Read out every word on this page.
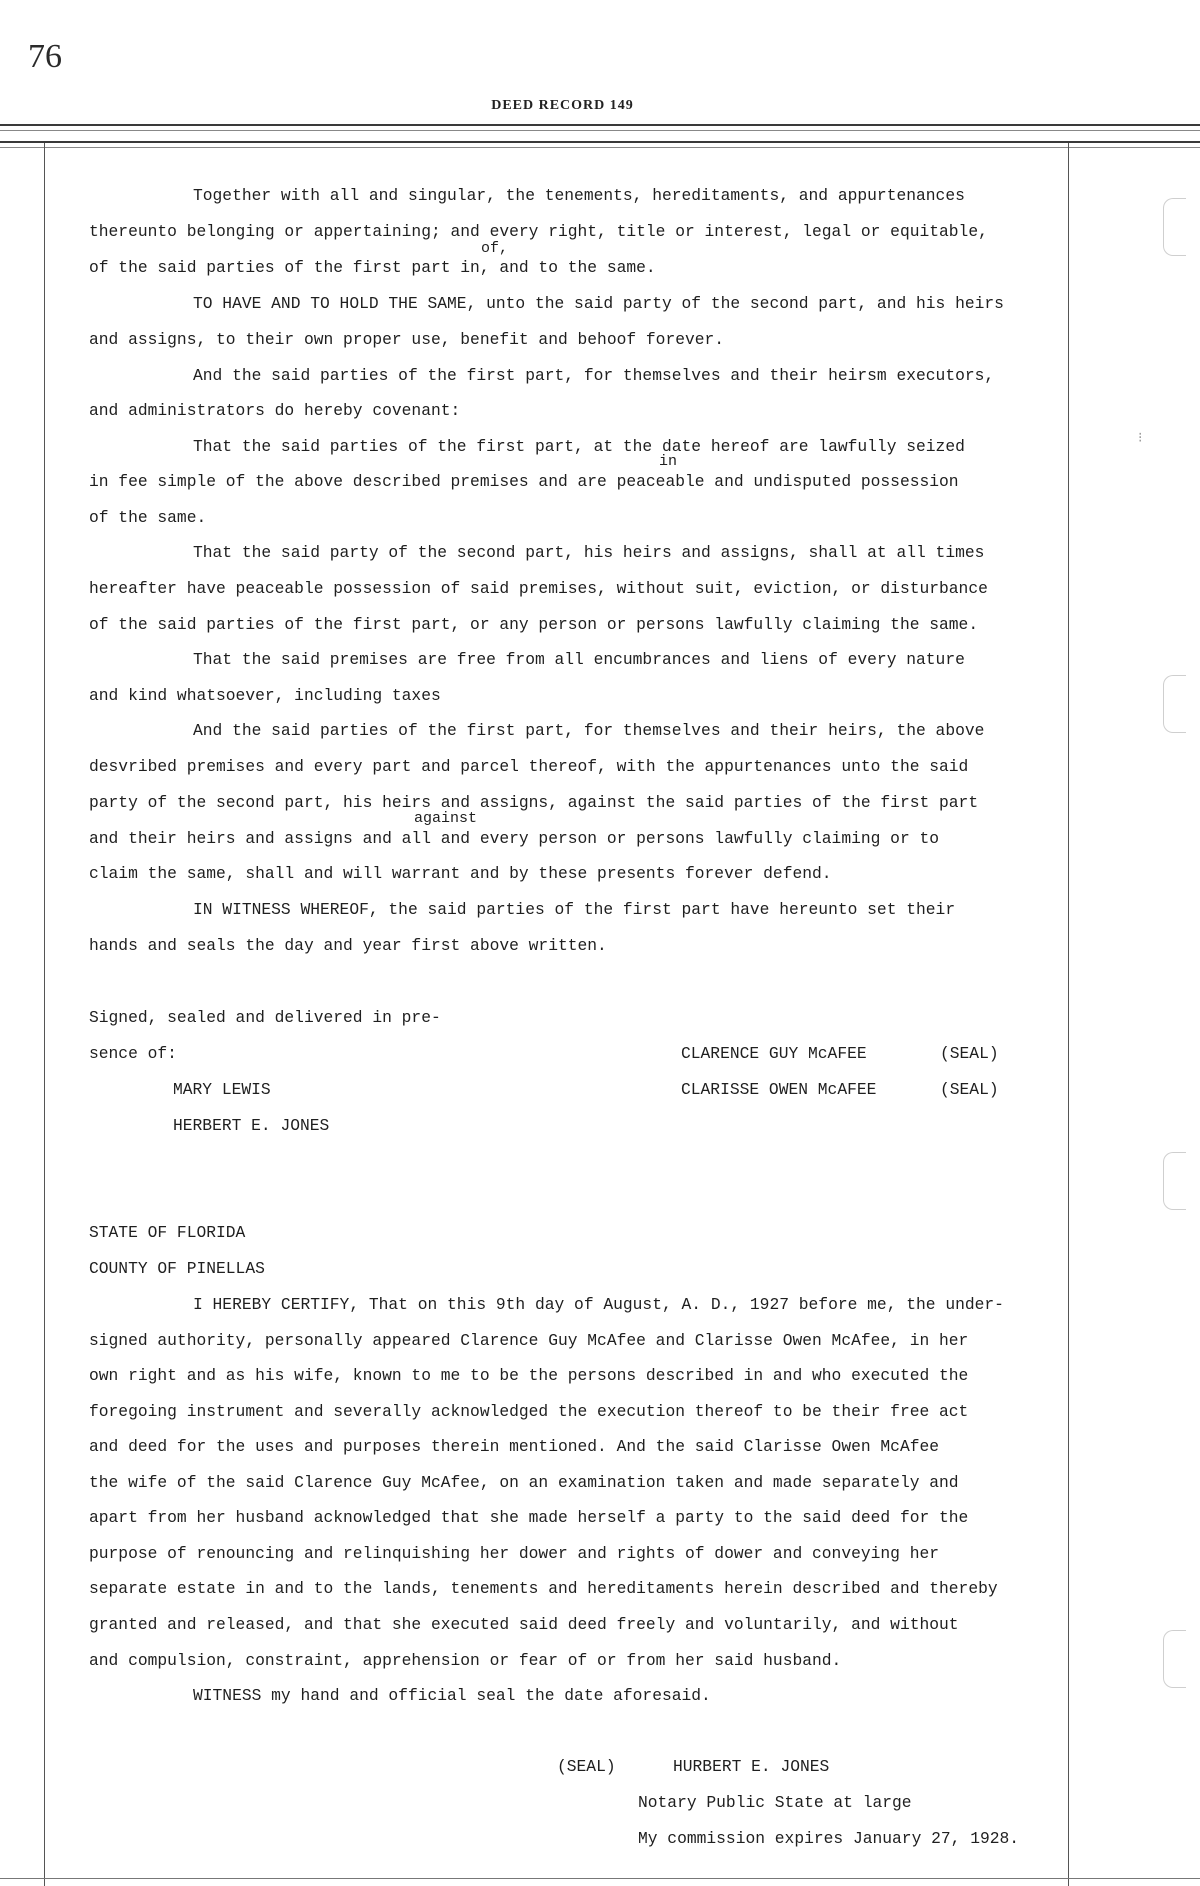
76
DEED RECORD 149
⁝
Together with all and singular, the tenements, hereditaments, and appurtenances
thereunto belonging or appertaining; and every right, title or interest, legal or equitable,
of,
of the said parties of the first part in, and to the same.
TO HAVE AND TO HOLD THE SAME, unto the said party of the second part, and his heirs
and assigns, to their own proper use, benefit and behoof forever.
And the said parties of the first part, for themselves and their heirsm executors,
and administrators do hereby covenant:
That the said parties of the first part, at the date hereof are lawfully seized
in
in fee simple of the above described premises and are peaceable and undisputed possession
of the same.
That the said party of the second part, his heirs and assigns, shall at all times
hereafter have peaceable possession of said premises, without suit, eviction, or disturbance
of the said parties of the first part, or any person or persons lawfully claiming the same.
That the said premises are free from all encumbrances and liens of every nature
and kind whatsoever, including taxes
And the said parties of the first part, for themselves and their heirs, the above
desvribed premises and every part and parcel thereof, with the appurtenances unto the said
party of the second part, his heirs and assigns, against the said parties of the first part
against
and their heirs and assigns and all and every person or persons lawfully claiming or to
claim the same, shall and will warrant and by these presents forever defend.
IN WITNESS WHEREOF, the said parties of the first part have hereunto set their
hands and seals the day and year first above written.
Signed, sealed and delivered in pre-
sence of:	CLARENCE GUY McAFEE	(SEAL)
MARY LEWIS	CLARISSE OWEN McAFEE	(SEAL)
HERBERT E. JONES
STATE OF FLORIDA
COUNTY OF PINELLAS
I HEREBY CERTIFY, That on this 9th day of August, A. D., 1927 before me, the under-
signed authority, personally appeared Clarence Guy McAfee and Clarisse Owen McAfee, in her
own right and as his wife, known to me to be the persons described in and who executed the
foregoing instrument and severally acknowledged the execution thereof to be their free act
and deed for the uses and purposes therein mentioned. And the said Clarisse Owen McAfee
the wife of the said Clarence Guy McAfee, on an examination taken and made separately and
apart from her husband acknowledged that she made herself a party to the said deed for the
purpose of renouncing and relinquishing her dower and rights of dower and conveying her
separate estate in and to the lands, tenements and hereditaments herein described and thereby
granted and released, and that she executed said deed freely and voluntarily, and without
and compulsion, constraint, apprehension or fear of or from her said husband.
WITNESS my hand and official seal the date aforesaid.
(SEAL)	HURBERT E. JONES
Notary Public State at large
My commission expires January 27, 1928.
